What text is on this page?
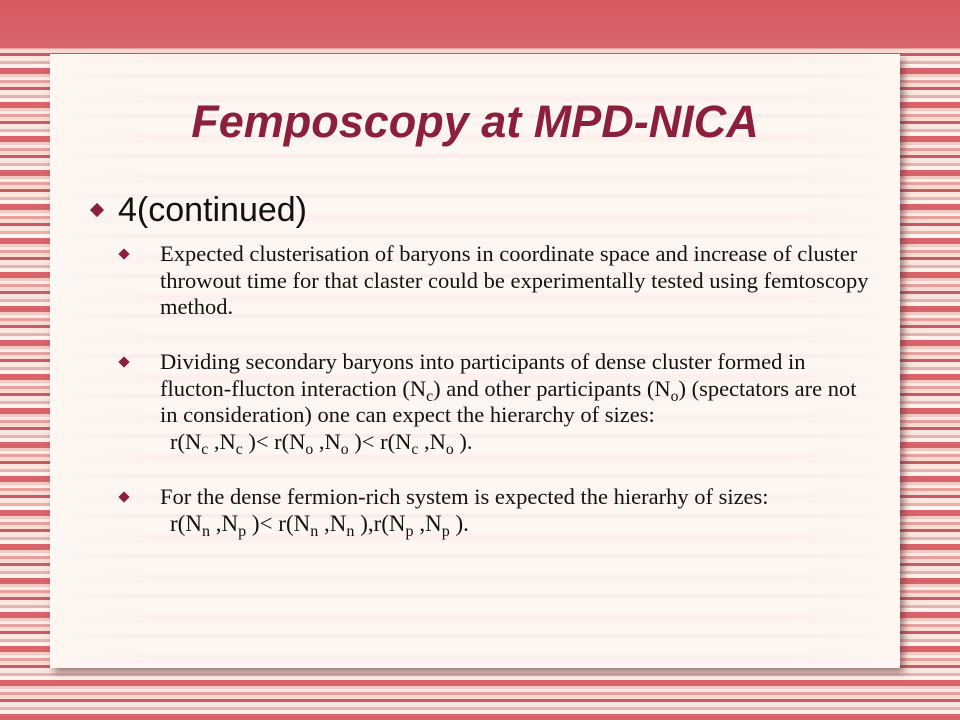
Femposcopy at MPD-NICA
4(continued)
Expected clusterisation of baryons in coordinate space and increase of cluster throwout time for that claster could be experimentally tested using femtoscopy method.
Dividing secondary baryons into participants of dense cluster formed in flucton-flucton interaction $(N_c)$ and other participants $(N_o)$ (spectators are not in consideration) one can expect the hierarchy of sizes:
$r(N_c$ $,N_c$ )< $r(N_o$ $,N_o$ )< $r(N_c$ $,N_o$ ).
For the dense fermion-rich system is expected the hierarhy of sizes:
$r(N_n$ $,N_p$ )< $r(N_n$ $,N_n$ )$,r(N_p$ $,N_p$ ).
